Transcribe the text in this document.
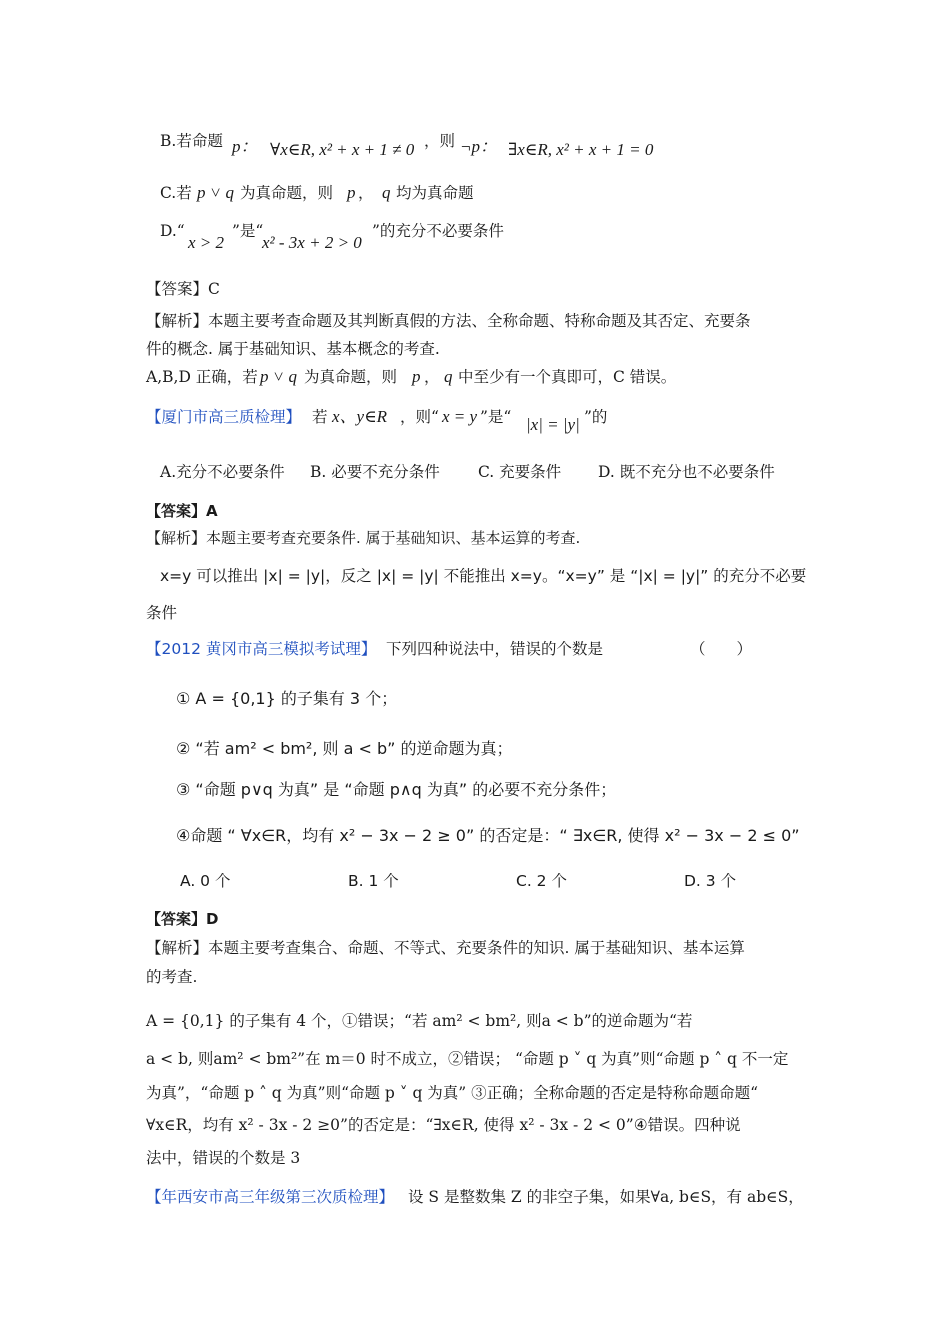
B.若命题 p： ∀x∈R, x² + x + 1 ≠ 0 ，则 ¬p： ∃x∈R, x² + x + 1 = 0
C.若 p ˅ q 为真命题，则 p ， q 均为真命题
D.“
x > 2
”是“
x² - 3x + 2 > 0
”的充分不必要条件
【答案】C
【解析】本题主要考查命题及其判断真假的方法、全称命题、特称命题及其否定、充要条
件的概念. 属于基础知识、基本概念的考查.
A,B,D 正确，若 p ˅ q 为真命题，则 p ， q 中至少有一个真即可，C 错误。
【厦门市高三质检理】 若 x、y∈R ，则“ x = y ”是“ |x| = |y| ”的
A.充分不必要条件 B. 必要不充分条件 C. 充要条件 D. 既不充分也不必要条件
【答案】A
【解析】本题主要考查充要条件. 属于基础知识、基本运算的考查.
x=y 可以推出 |x| = |y|，反之 |x| = |y| 不能推出 x=y。“x=y” 是 “|x| = |y|” 的充分不必要
条件
【2012 黄冈市高三模拟考试理】 下列四种说法中，错误的个数是	（　　）
① A = {0,1} 的子集有 3 个；
② “若 am² < bm², 则 a < b” 的逆命题为真；
③ “命题 p∨q 为真” 是 “命题 p∧q 为真” 的必要不充分条件；
④命题 “ ∀x∈R，均有 x² − 3x − 2 ≥ 0” 的否定是：“ ∃x∈R, 使得 x² − 3x − 2 ≤ 0”
A. 0 个	B. 1 个	C. 2 个	D. 3 个
【答案】D
【解析】本题主要考查集合、命题、不等式、充要条件的知识. 属于基础知识、基本运算
的考查.
A = {0,1} 的子集有 4 个，①错误；“若 am² < bm², 则a < b”的逆命题为“若
a < b, 则am² < bm²”在 m＝0 时不成立，②错误； “命题 p ˅ q 为真”则“命题 p ˄ q 不一定
为真”，“命题 p ˄ q 为真”则“命题 p ˅ q 为真” ③正确；全称命题的否定是特称命题命题“
∀x∈R，均有 x² - 3x - 2 ≥0”的否定是：“∃x∈R, 使得 x² - 3x - 2 < 0”④错误。四种说
法中，错误的个数是 3
【年西安市高三年级第三次质检理】 设 S 是整数集 Z 的非空子集，如果∀a, b∈S，有 ab∈S，
